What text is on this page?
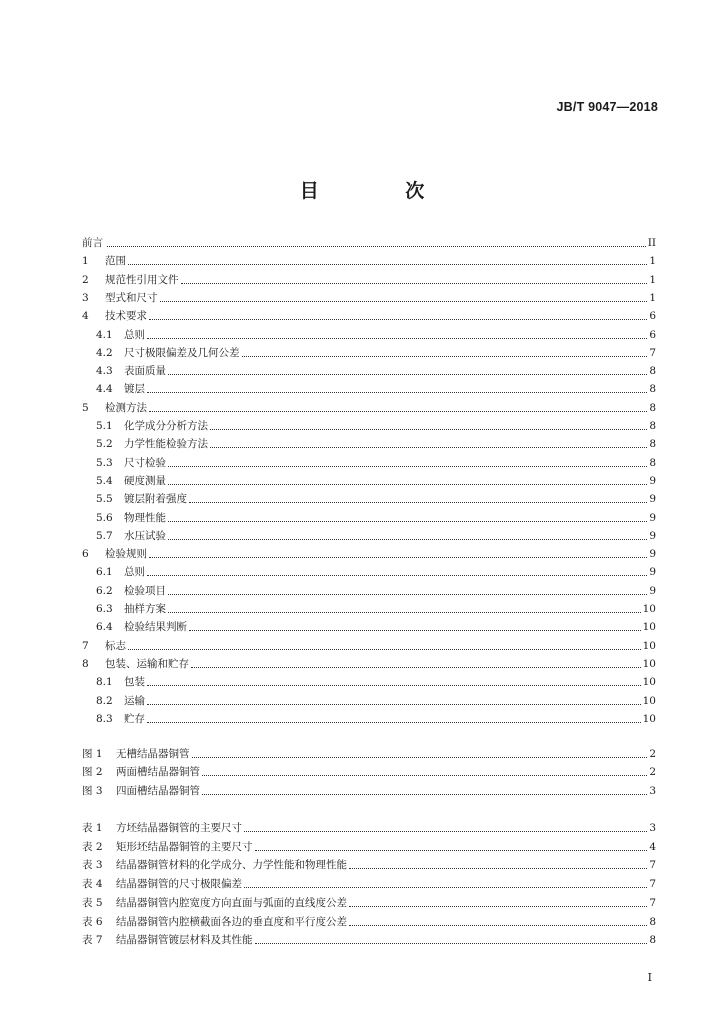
JB/T 9047—2018
目 次
前言	II
1	范围	1
2	规范性引用文件	1
3	型式和尺寸	1
4	技术要求	6
4.1	总则	6
4.2	尺寸极限偏差及几何公差	7
4.3	表面质量	8
4.4	镀层	8
5	检测方法	8
5.1	化学成分分析方法	8
5.2	力学性能检验方法	8
5.3	尺寸检验	8
5.4	硬度测量	9
5.5	镀层附着强度	9
5.6	物理性能	9
5.7	水压试验	9
6	检验规则	9
6.1	总则	9
6.2	检验项目	9
6.3	抽样方案	10
6.4	检验结果判断	10
7	标志	10
8	包装、运输和贮存	10
8.1	包装	10
8.2	运输	10
8.3	贮存	10
图 1	无槽结晶器铜管	2
图 2	两面槽结晶器铜管	2
图 3	四面槽结晶器铜管	3
表 1	方坯结晶器铜管的主要尺寸	3
表 2	矩形坯结晶器铜管的主要尺寸	4
表 3	结晶器铜管材料的化学成分、力学性能和物理性能	7
表 4	结晶器铜管的尺寸极限偏差	7
表 5	结晶器铜管内腔宽度方向直面与弧面的直线度公差	7
表 6	结晶器铜管内腔横截面各边的垂直度和平行度公差	8
表 7	结晶器铜管镀层材料及其性能	8
I
